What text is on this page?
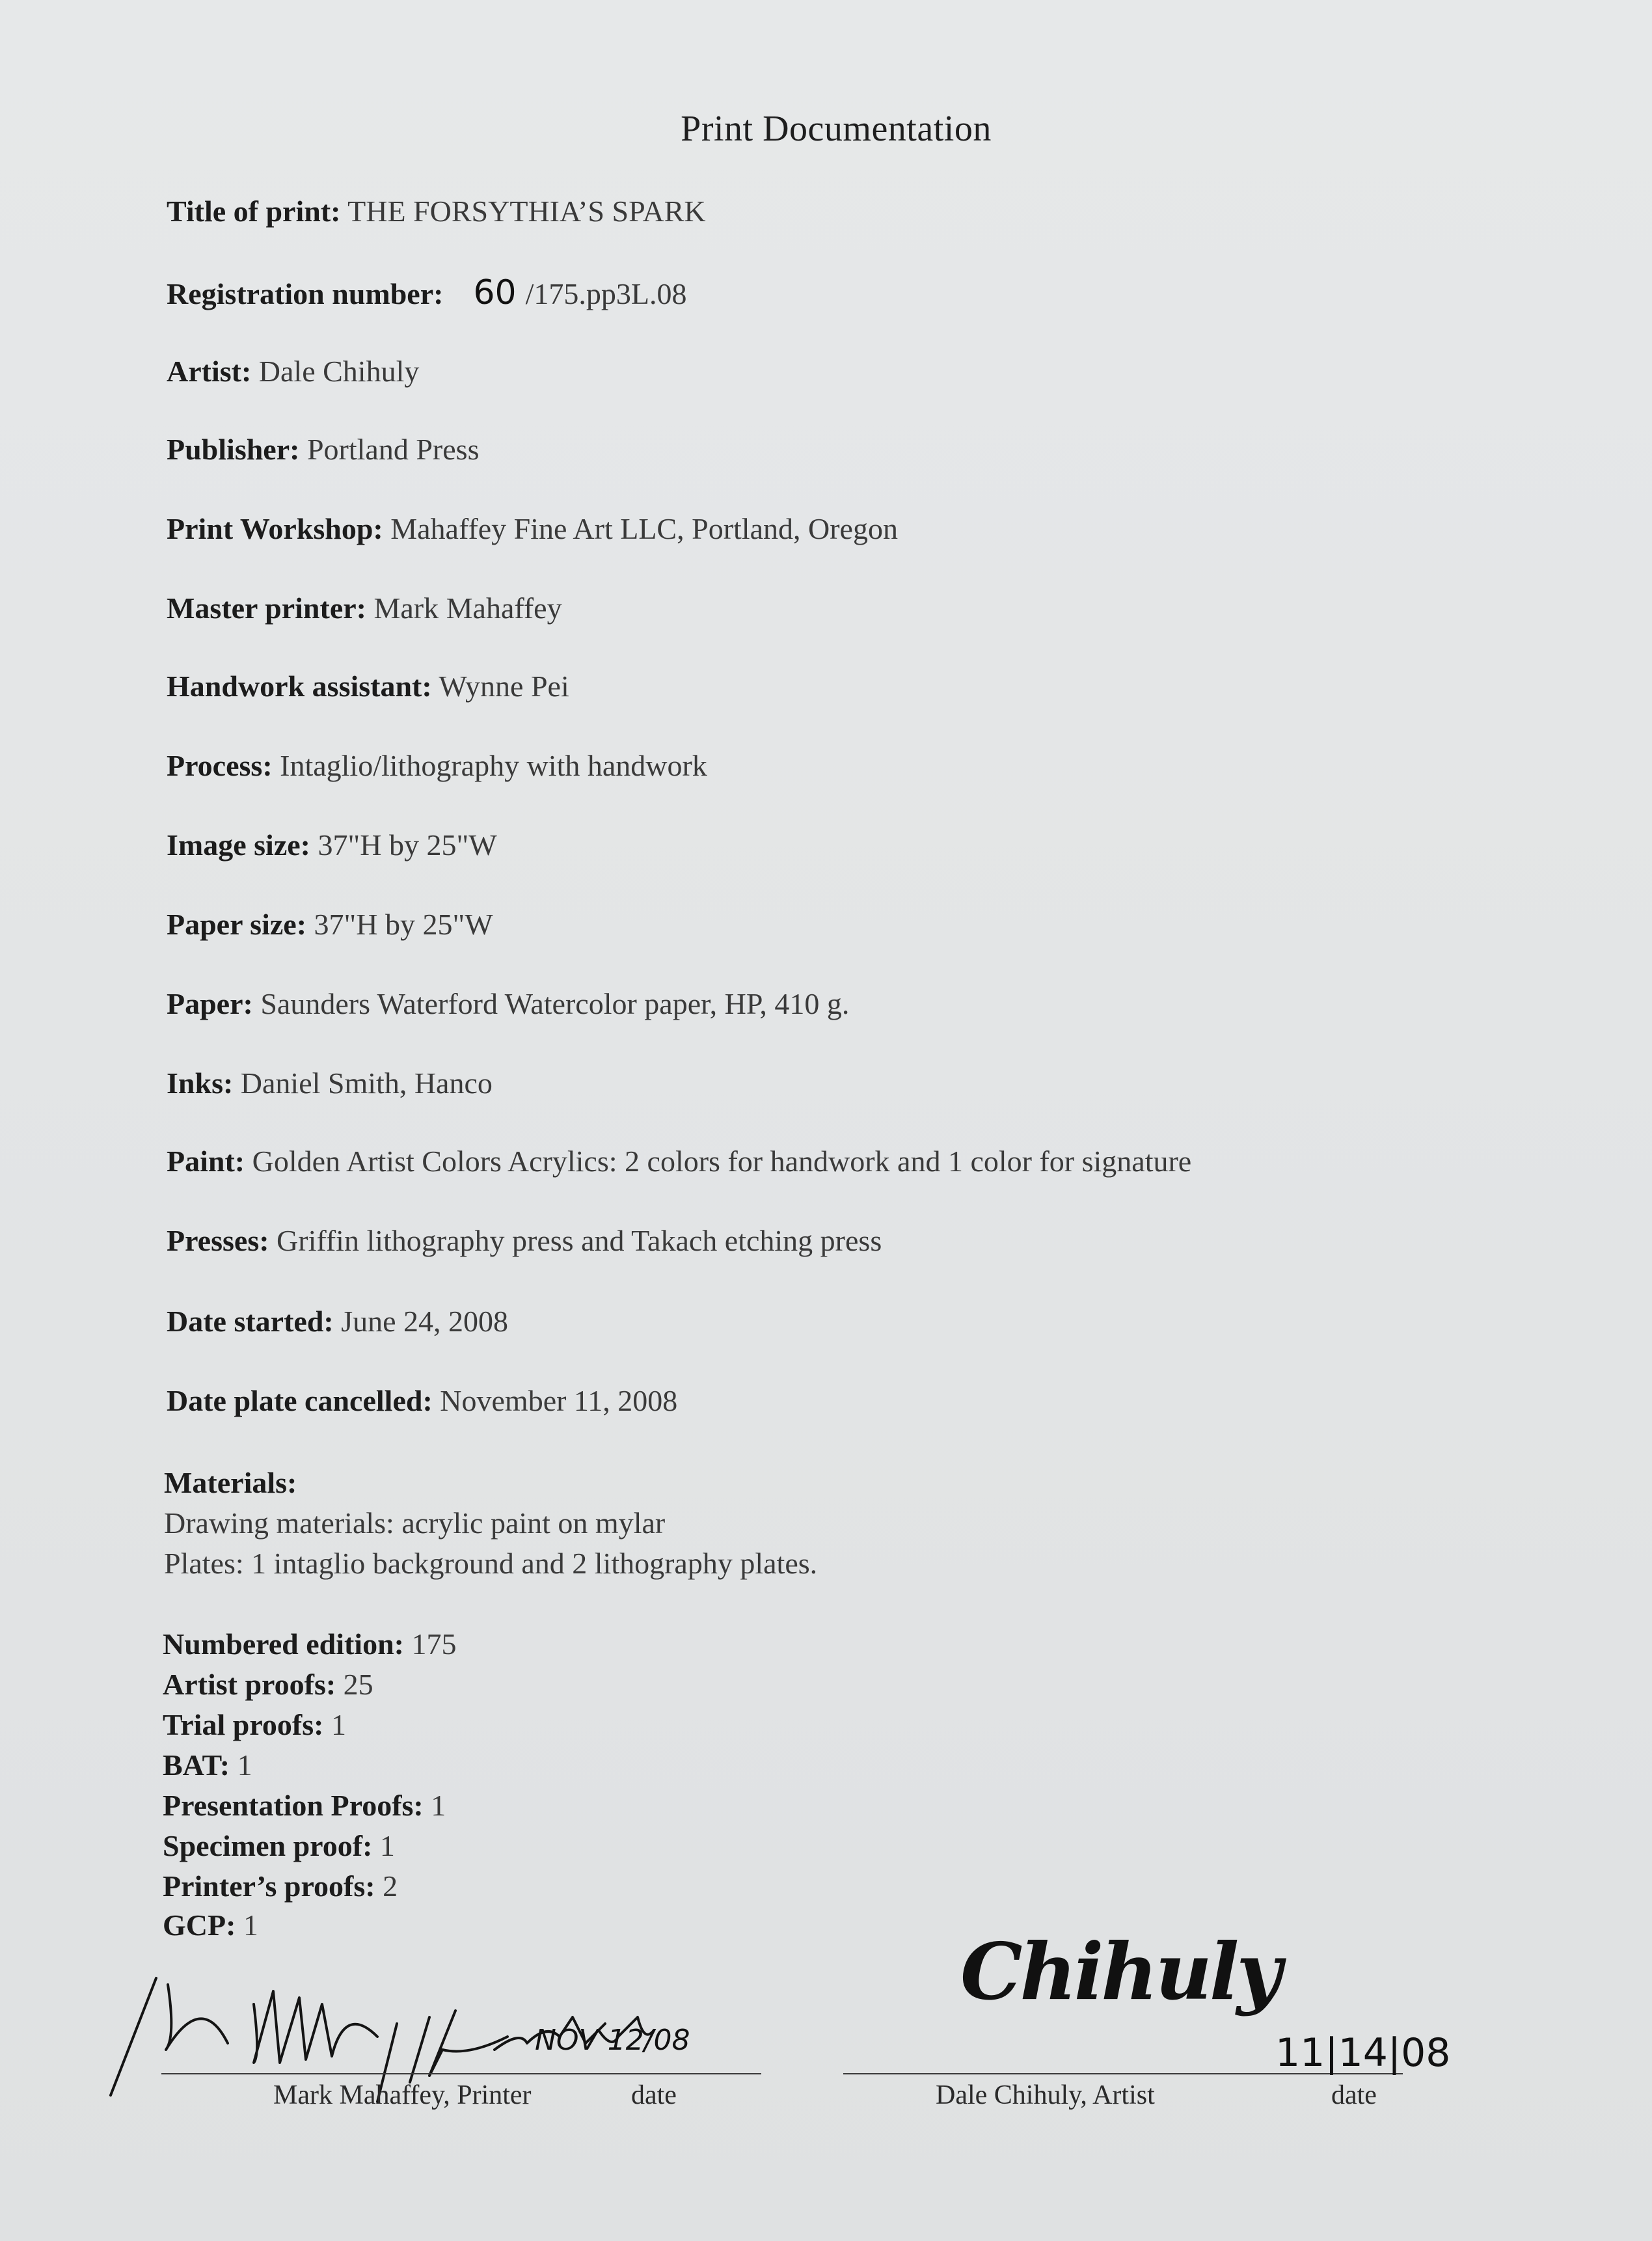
Print Documentation
Title of print: THE FORSYTHIA’S SPARK
Registration number: 60 /175.pp3L.08
Artist: Dale Chihuly
Publisher: Portland Press
Print Workshop: Mahaffey Fine Art LLC, Portland, Oregon
Master printer: Mark Mahaffey
Handwork assistant: Wynne Pei
Process: Intaglio/lithography with handwork
Image size: 37"H by 25"W
Paper size: 37"H by 25"W
Paper: Saunders Waterford Watercolor paper, HP, 410 g.
Inks: Daniel Smith, Hanco
Paint: Golden Artist Colors Acrylics: 2 colors for handwork and 1 color for signature
Presses: Griffin lithography press and Takach etching press
Date started: June 24, 2008
Date plate cancelled: November 11, 2008
Materials:
Drawing materials: acrylic paint on mylar
Plates: 1 intaglio background and 2 lithography plates.
Numbered edition: 175
Artist proofs: 25
Trial proofs: 1
BAT: 1
Presentation Proofs: 1
Specimen proof: 1
Printer’s proofs: 2
GCP: 1
Mark Mahaffey, Printer	date
NOV 12/08
Chihuly
Dale Chihuly, Artist	date
11|14|08
